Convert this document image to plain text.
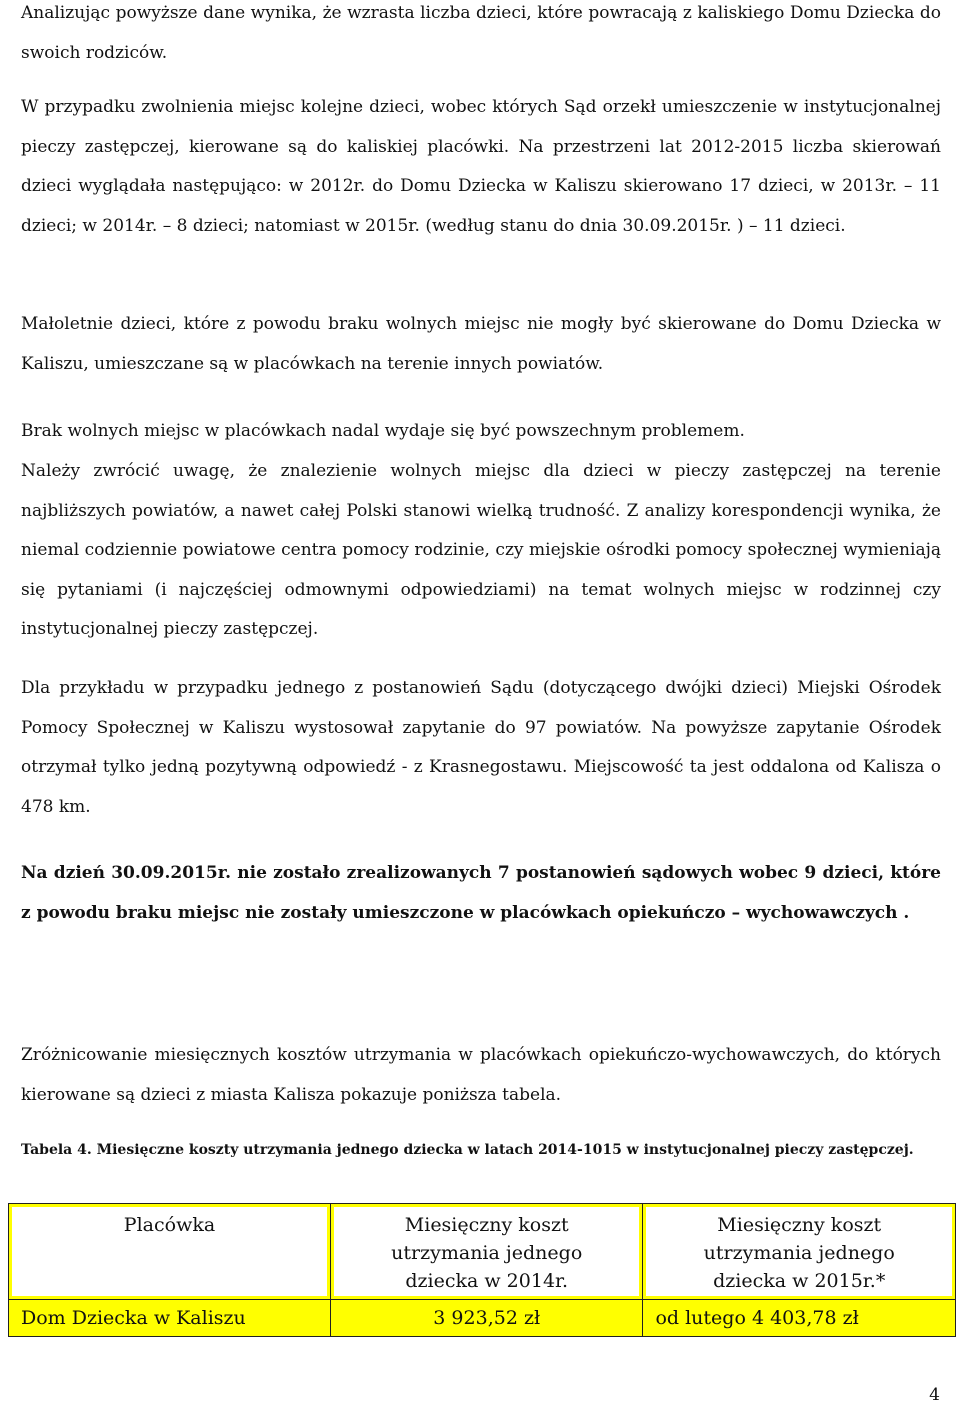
Analizując powyższe dane wynika, że wzrasta liczba dzieci, które powracają z kaliskiego Domu Dziecka do swoich rodziców.

W przypadku zwolnienia miejsc kolejne dzieci, wobec których Sąd orzekł umieszczenie w instytucjonalnej pieczy zastępczej, kierowane są do kaliskiej placówki. Na przestrzeni lat 2012-2015 liczba skierowań dzieci wyglądała następująco: w 2012r. do Domu Dziecka w Kaliszu skierowano 17 dzieci, w 2013r. – 11 dzieci; w 2014r. – 8 dzieci; natomiast w 2015r. (według stanu do dnia 30.09.2015r. ) – 11 dzieci.

Małoletnie dzieci, które z powodu braku wolnych miejsc nie mogły być skierowane do Domu Dziecka w Kaliszu, umieszczane są w placówkach na terenie innych powiatów.

Brak wolnych miejsc w placówkach nadal wydaje się być powszechnym problemem.

Należy zwrócić uwagę, że znalezienie wolnych miejsc dla dzieci w pieczy zastępczej na terenie najbliższych powiatów, a nawet całej Polski stanowi wielką trudność. Z analizy korespondencji wynika, że niemal codziennie powiatowe centra pomocy rodzinie, czy miejskie ośrodki pomocy społecznej wymieniają się pytaniami (i najczęściej odmownymi odpowiedziami) na temat wolnych miejsc w rodzinnej czy instytucjonalnej pieczy zastępczej.

Dla przykładu w przypadku jednego z postanowień Sądu (dotyczącego dwójki dzieci) Miejski Ośrodek Pomocy Społecznej w Kaliszu wystosował zapytanie do 97 powiatów. Na powyższe zapytanie Ośrodek otrzymał tylko jedną pozytywną odpowiedź - z Krasnegostawu. Miejscowość ta jest oddalona od Kalisza o 478 km.

Na dzień 30.09.2015r. nie zostało zrealizowanych 7 postanowień sądowych wobec 9 dzieci, które z powodu braku miejsc nie zostały umieszczone w placówkach opiekuńczo – wychowawczych .

Zróżnicowanie miesięcznych kosztów utrzymania w placówkach opiekuńczo-wychowawczych, do których kierowane są dzieci z miasta Kalisza pokazuje poniższa tabela.

Tabela 4. Miesięczne koszty utrzymania jednego dziecka w latach 2014-1015 w instytucjonalnej pieczy zastępczej.

Placówka	Miesięczny koszt
utrzymania jednego
dziecka w 2014r.	Miesięczny koszt
utrzymania jednego
dziecka w 2015r.*

Dom Dziecka w Kaliszu	3 923,52 zł	od lutego 4 403,78 zł
4
